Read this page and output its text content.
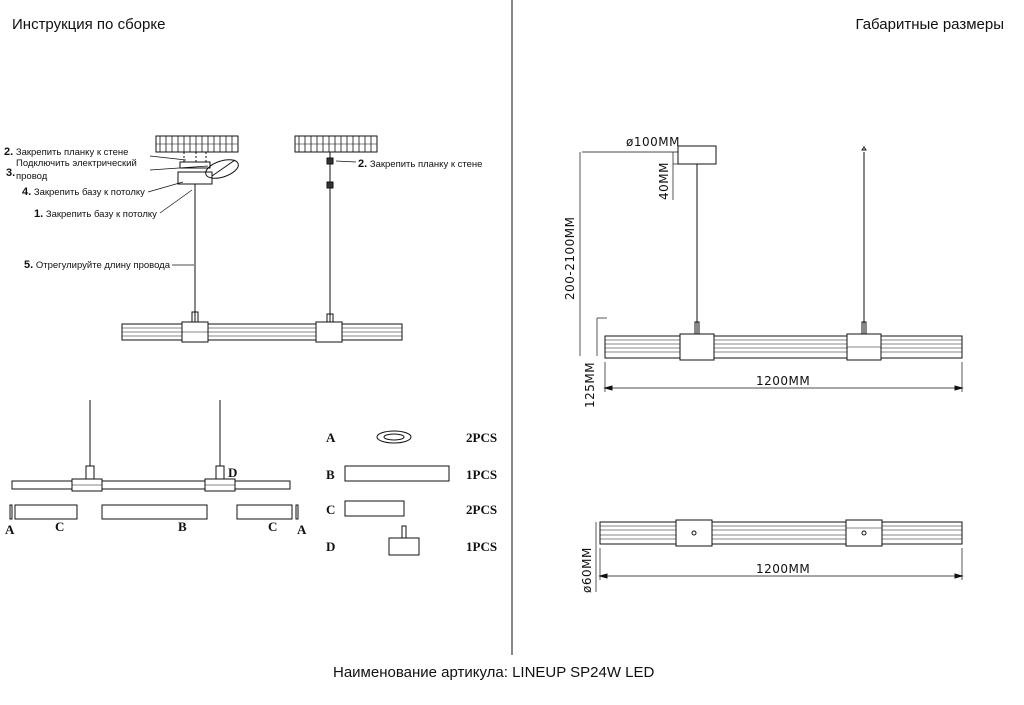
Инструкция по сборке	Габаритные размеры
2. Закрепить планку к стене
Подключить электрический
3. провод
4. Закрепить базу к потолку
1. Закрепить базу к потолку
5. Отрегулируйте длину провода
2. Закрепить планку к стене
A	C	B	C A
D
A	2PCS
B	1PCS
C	2PCS
D	1PCS
ø100MM
40MM
200-2100MM
125MM	1200MM
ø60MM	1200MM
Наименование артикула: LINEUP SP24W LED
